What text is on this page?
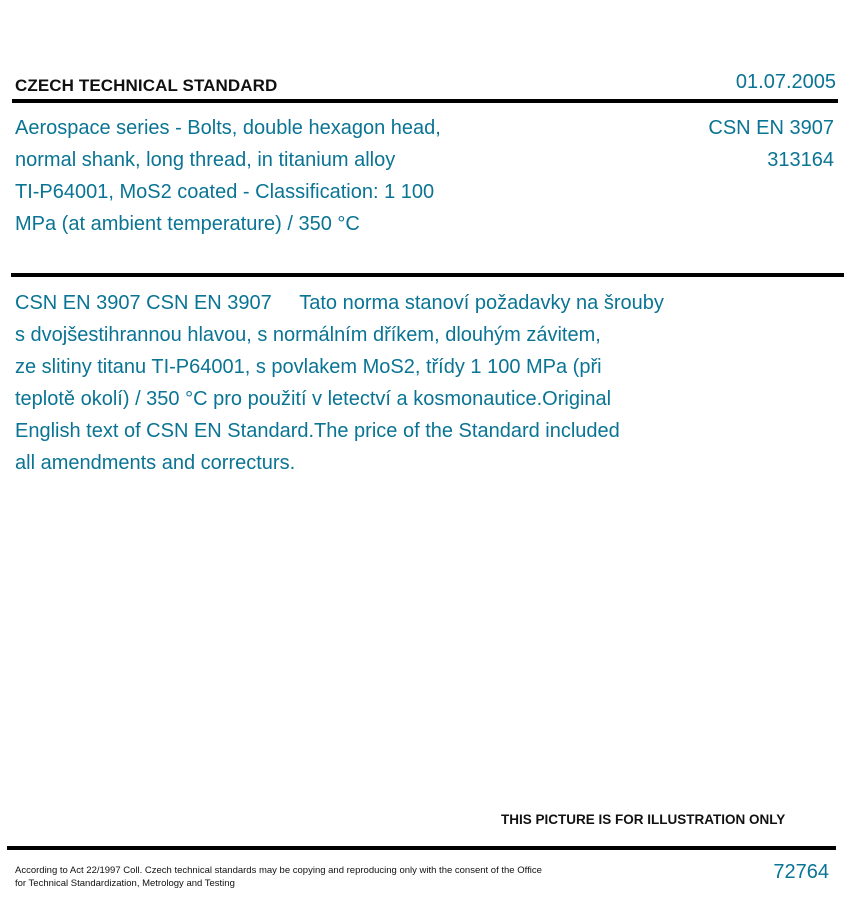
CZECH TECHNICAL STANDARD	01.07.2005
Aerospace series - Bolts, double hexagon head,
normal shank, long thread, in titanium alloy
TI-P64001, MoS2 coated - Classification: 1 100
MPa (at ambient temperature) / 350 °C
CSN EN 3907
313164
CSN EN 3907 CSN EN 3907     Tato norma stanoví požadavky na šrouby
s dvojšestihrannou hlavou, s normálním dříkem, dlouhým závitem,
ze slitiny titanu TI-P64001, s povlakem MoS2, třídy 1 100 MPa (při
teplotě okolí) / 350 °C pro použití v letectví a kosmonautice.Original
English text of CSN EN Standard.The price of the Standard included
all amendments and correcturs.
THIS PICTURE IS FOR ILLUSTRATION ONLY
According to Act 22/1997 Coll. Czech technical standards may be copying and reproducing only with the consent of the Office
for Technical Standardization, Metrology and Testing
72764
